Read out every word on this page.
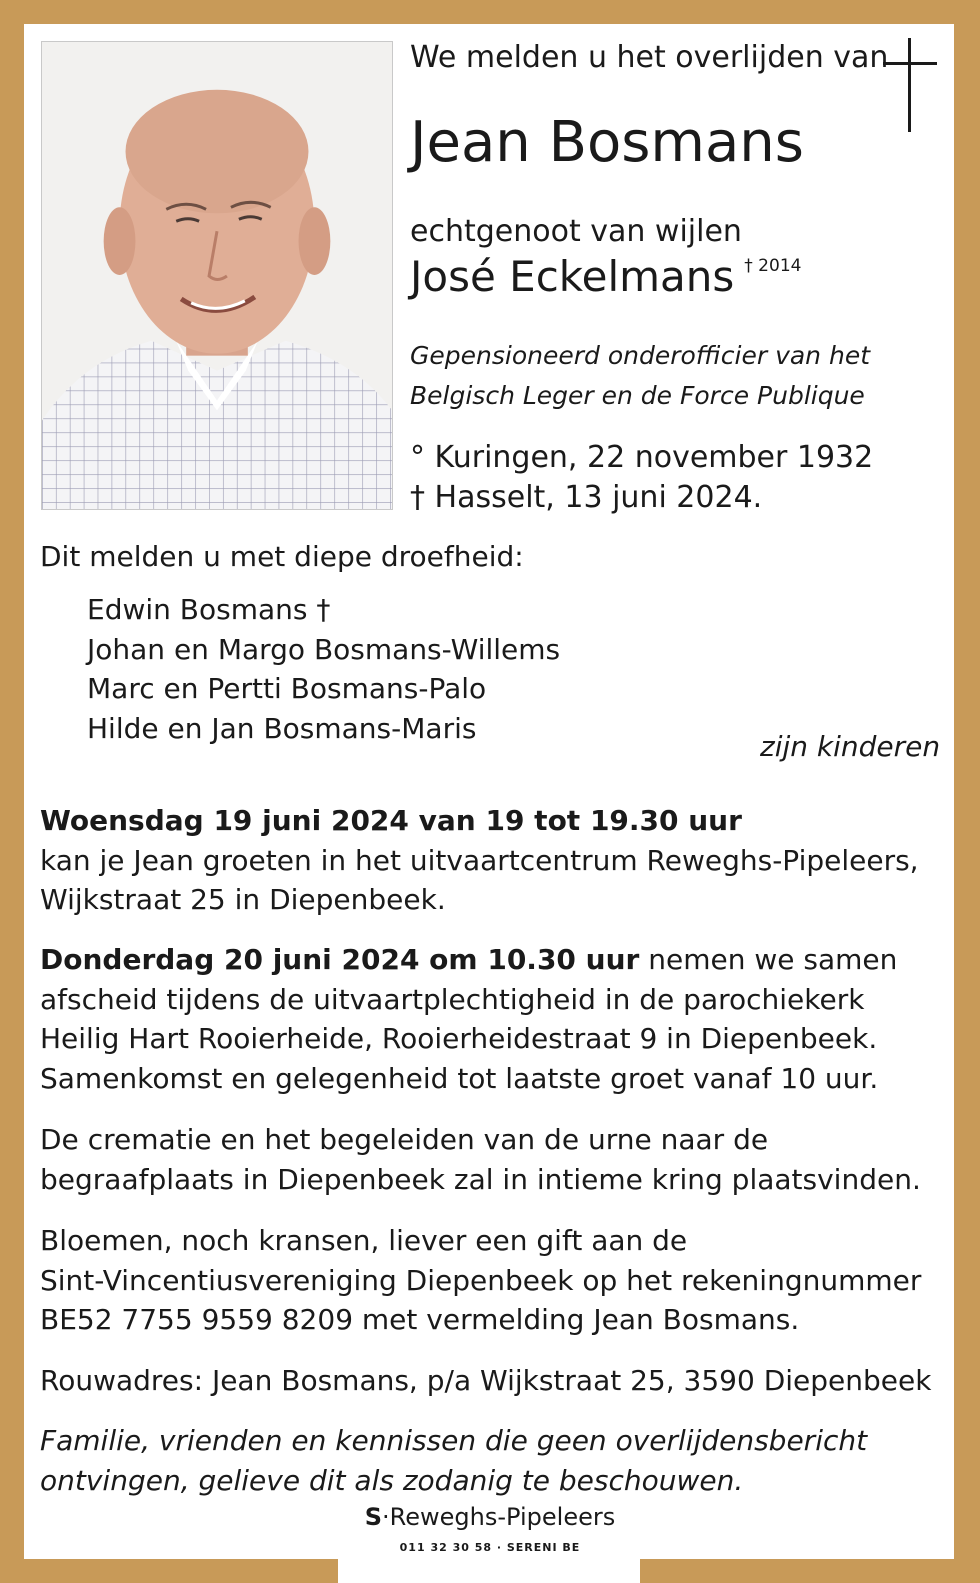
We melden u het overlijden van
Jean Bosmans
echtgenoot van wijlen
José Eckelmans $^{\dagger 2014}$
Gepensioneerd onderofficier van het
Belgisch Leger en de Force Publique
° Kuringen, 22 november 1932
† Hasselt, 13 juni 2024.
Dit melden u met diepe droefheid:
Edwin Bosmans †
Johan en Margo Bosmans-Willems
Marc en Pertti Bosmans-Palo
Hilde en Jan Bosmans-Maris
zijn kinderen
Woensdag 19 juni 2024 van 19 tot 19.30 uur
kan je Jean groeten in het uitvaartcentrum Reweghs-Pipeleers,
Wijkstraat 25 in Diepenbeek.
Donderdag 20 juni 2024 om 10.30 uur nemen we samen
afscheid tijdens de uitvaartplechtigheid in de parochiekerk
Heilig Hart Rooierheide, Rooierheidestraat 9 in Diepenbeek.
Samenkomst en gelegenheid tot laatste groet vanaf 10 uur.
De crematie en het begeleiden van de urne naar de
begraafplaats in Diepenbeek zal in intieme kring plaatsvinden.
Bloemen, noch kransen, liever een gift aan de
Sint-Vincentiusvereniging Diepenbeek op het rekeningnummer
BE52 7755 9559 8209 met vermelding Jean Bosmans.
Rouwadres: Jean Bosmans, p/a Wijkstraat 25, 3590 Diepenbeek
Familie, vrienden en kennissen die geen overlijdensbericht
ontvingen, gelieve dit als zodanig te beschouwen.
S·Reweghs-Pipeleers
011 32 30 58 · SERENI BE
